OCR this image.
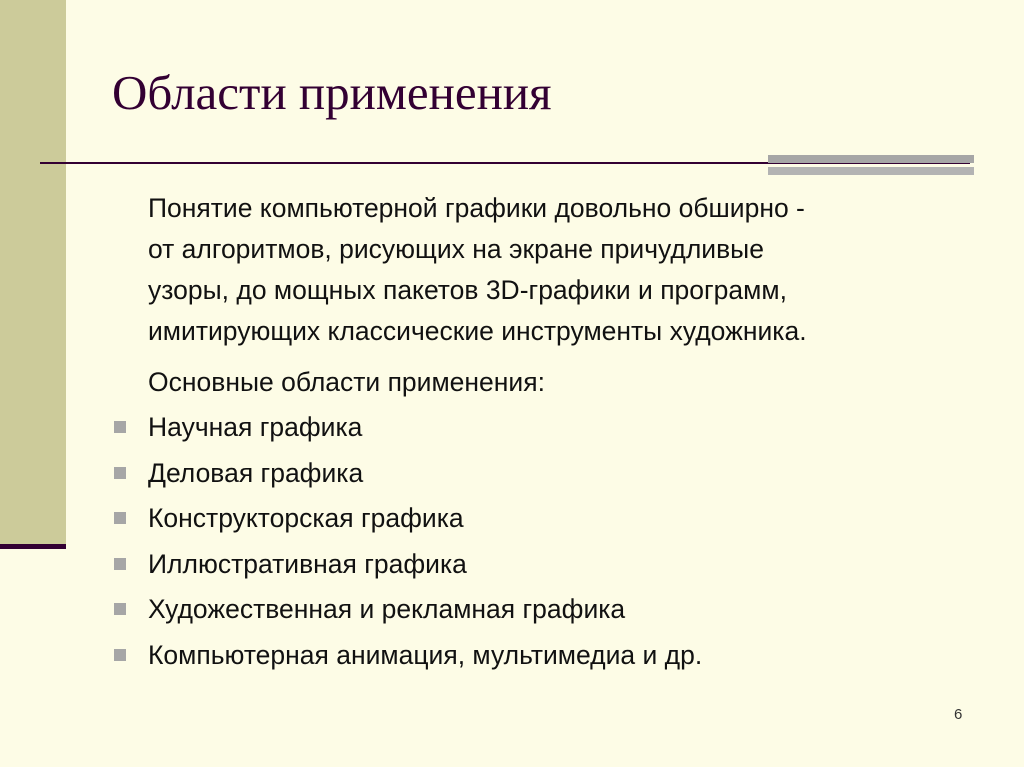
Области применения
Понятие компьютерной графики довольно обширно -
от алгоритмов, рисующих на экране причудливые
узоры, до мощных пакетов 3D-графики и программ,
имитирующих классические инструменты художника.
Основные области применения:
Научная графика
Деловая графика
Конструкторская графика
Иллюстративная графика
Художественная и рекламная графика
Компьютерная анимация, мультимедиа и др.
6
